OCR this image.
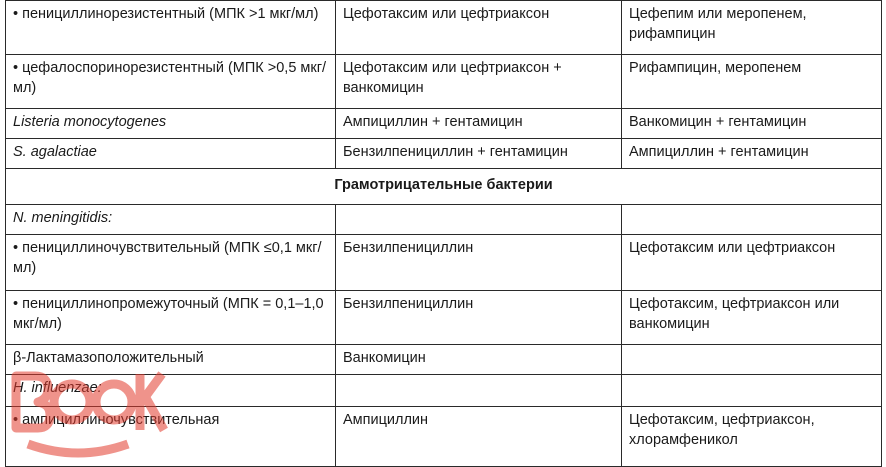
• пенициллинорезистентный (МПК >1 мкг/мл)	Цефотаксим или цефтриаксон	Цефепим или меропенем, рифампицин
• цефалоспоринорезистентный (МПК >0,5 мкг/мл)	Цефотаксим или цефтриаксон + ванкомицин	Рифампицин, меропенем
Listeria monocytogenes	Ампициллин + гентамицин	Ванкомицин + гентамицин
S. agalactiae	Бензилпенициллин + гентамицин	Ампициллин + гентамицин
Грамотрицательные бактерии		
N. meningitidis:		
• пенициллиночувствительный (МПК ≤0,1 мкг/мл)	Бензилпенициллин	Цефотаксим или цефтриаксон
• пенициллинопромежуточный (МПК = 0,1–1,0 мкг/мл)	Бензилпенициллин	Цефотаксим, цефтриаксон или ванкомицин
β-Лактамазоположительный	Ванкомицин	
H. influenzae:		
• ампициллиночувствительная	Ампициллин	Цефотаксим, цефтриаксон, хлорамфеникол
